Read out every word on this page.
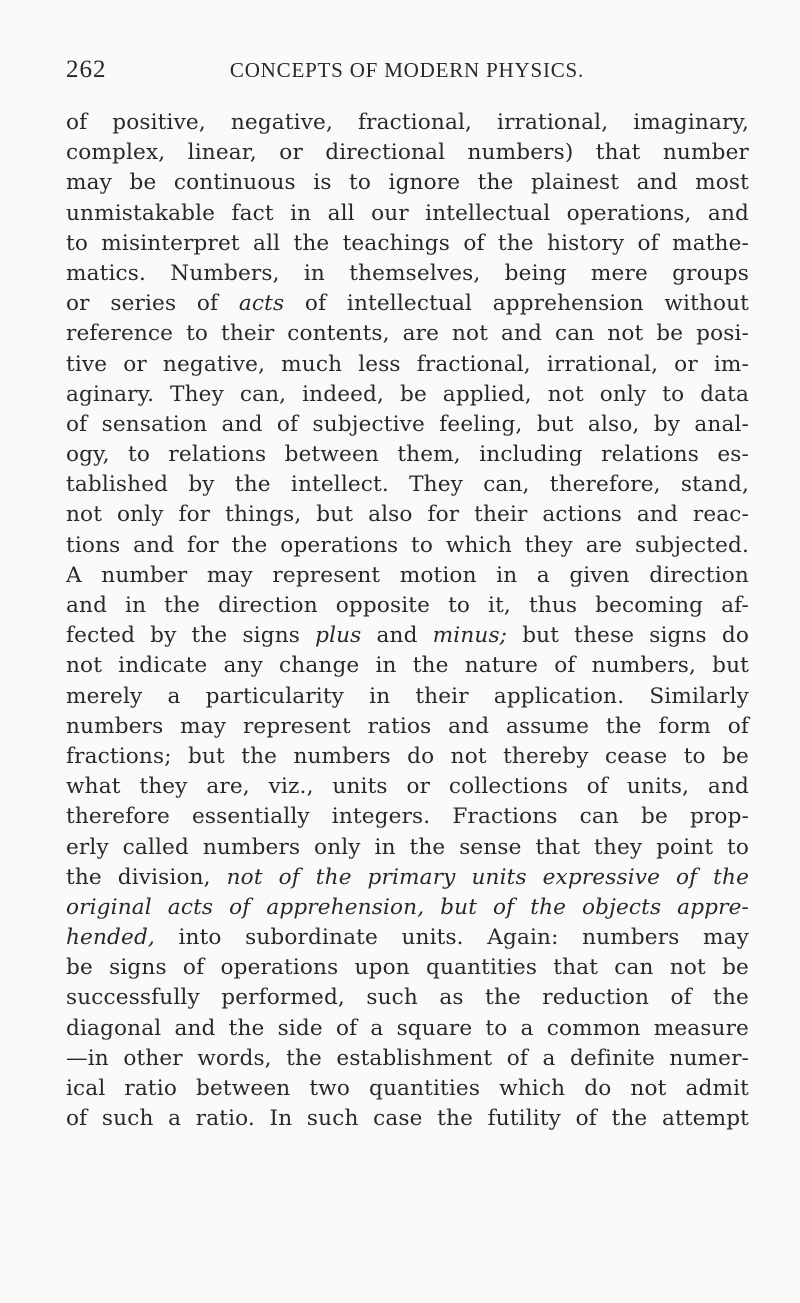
262	CONCEPTS OF MODERN PHYSICS.
of positive, negative, fractional, irrational, imaginary,
complex, linear, or directional numbers) that number
may be continuous is to ignore the plainest and most
unmistakable fact in all our intellectual operations, and
to misinterpret all the teachings of the history of mathe-
matics. Numbers, in themselves, being mere groups
or series of acts of intellectual apprehension without
reference to their contents, are not and can not be posi-
tive or negative, much less fractional, irrational, or im-
aginary. They can, indeed, be applied, not only to data
of sensation and of subjective feeling, but also, by anal-
ogy, to relations between them, including relations es-
tablished by the intellect. They can, therefore, stand,
not only for things, but also for their actions and reac-
tions and for the operations to which they are subjected.
A number may represent motion in a given direction
and in the direction opposite to it, thus becoming af-
fected by the signs plus and minus; but these signs do
not indicate any change in the nature of numbers, but
merely a particularity in their application. Similarly
numbers may represent ratios and assume the form of
fractions; but the numbers do not thereby cease to be
what they are, viz., units or collections of units, and
therefore essentially integers. Fractions can be prop-
erly called numbers only in the sense that they point to
the division, not of the primary units expressive of the
original acts of apprehension, but of the objects appre-
hended, into subordinate units. Again: numbers may
be signs of operations upon quantities that can not be
successfully performed, such as the reduction of the
diagonal and the side of a square to a common measure
—in other words, the establishment of a definite numer-
ical ratio between two quantities which do not admit
of such a ratio. In such case the futility of the attempt
